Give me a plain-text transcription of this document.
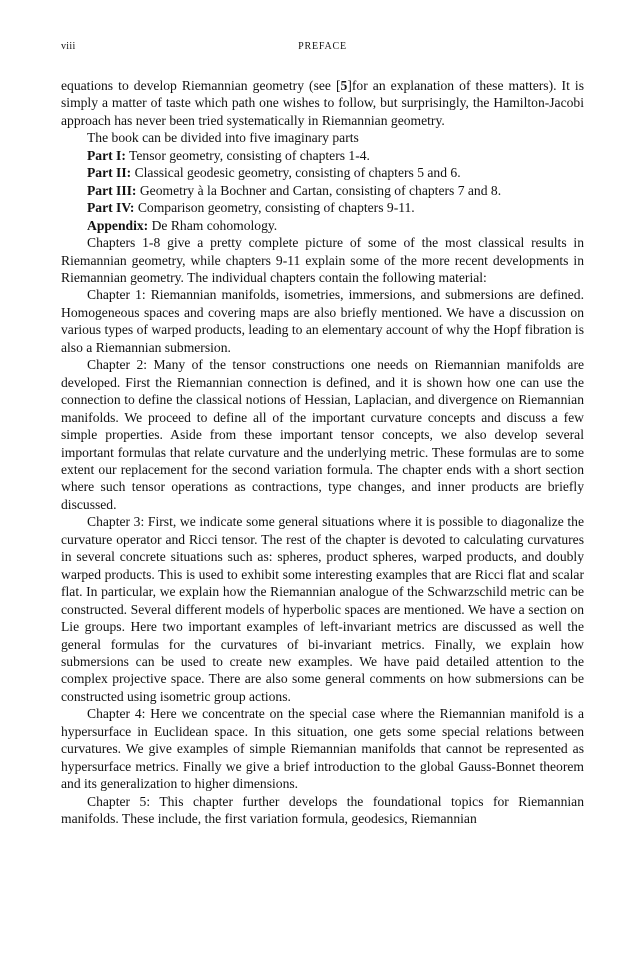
viii	PREFACE

equations to develop Riemannian geometry (see [5]for an explanation of these matters). It is simply a matter of taste which path one wishes to follow, but surprisingly, the Hamilton-Jacobi approach has never been tried systematically in Riemannian geometry.

The book can be divided into five imaginary parts

Part I: Tensor geometry, consisting of chapters 1-4.

Part II: Classical geodesic geometry, consisting of chapters 5 and 6.

Part III: Geometry à la Bochner and Cartan, consisting of chapters 7 and 8.

Part IV: Comparison geometry, consisting of chapters 9-11.

Appendix: De Rham cohomology.

Chapters 1-8 give a pretty complete picture of some of the most classical results in Riemannian geometry, while chapters 9-11 explain some of the more recent developments in Riemannian geometry. The individual chapters contain the following material:

Chapter 1: Riemannian manifolds, isometries, immersions, and submersions are defined. Homogeneous spaces and covering maps are also briefly mentioned. We have a discussion on various types of warped products, leading to an elementary account of why the Hopf fibration is also a Riemannian submersion.

Chapter 2: Many of the tensor constructions one needs on Riemannian manifolds are developed. First the Riemannian connection is defined, and it is shown how one can use the connection to define the classical notions of Hessian, Laplacian, and divergence on Riemannian manifolds. We proceed to define all of the important curvature concepts and discuss a few simple properties. Aside from these important tensor concepts, we also develop several important formulas that relate curvature and the underlying metric. These formulas are to some extent our replacement for the second variation formula. The chapter ends with a short section where such tensor operations as contractions, type changes, and inner products are briefly discussed.

Chapter 3: First, we indicate some general situations where it is possible to diagonalize the curvature operator and Ricci tensor. The rest of the chapter is devoted to calculating curvatures in several concrete situations such as: spheres, product spheres, warped products, and doubly warped products. This is used to exhibit some interesting examples that are Ricci flat and scalar flat. In particular, we explain how the Riemannian analogue of the Schwarzschild metric can be constructed. Several different models of hyperbolic spaces are mentioned. We have a section on Lie groups. Here two important examples of left-invariant metrics are discussed as well the general formulas for the curvatures of bi-invariant metrics. Finally, we explain how submersions can be used to create new examples. We have paid detailed attention to the complex projective space. There are also some general comments on how submersions can be constructed using isometric group actions.

Chapter 4: Here we concentrate on the special case where the Riemannian manifold is a hypersurface in Euclidean space. In this situation, one gets some special relations between curvatures. We give examples of simple Riemannian manifolds that cannot be represented as hypersurface metrics. Finally we give a brief introduction to the global Gauss-Bonnet theorem and its generalization to higher dimensions.

Chapter 5: This chapter further develops the foundational topics for Riemannian manifolds. These include, the first variation formula, geodesics, Riemannian
